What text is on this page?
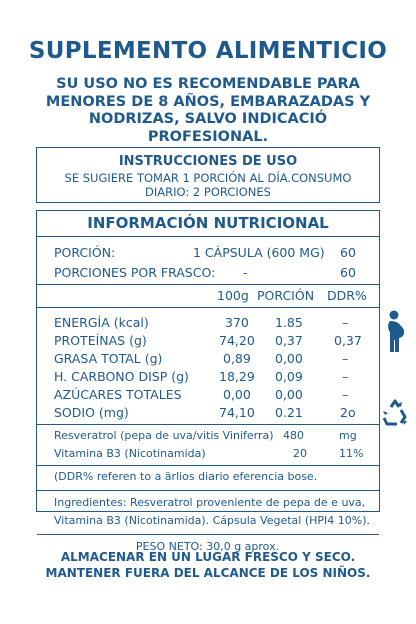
SUPLEMENTO ALIMENTICIO
SU USO NO ES RECOMENDABLE PARA
MENORES DE 8 AÑOS, EMBARAZADAS Y
NODRIZAS, SALVO INDICACIÓ
PROFESIONAL.
INSTRUCCIONES DE USO
SE SUGIERE TOMAR 1 PORCIÓN AL DÍA.CONSUMO
DIARIO: 2 PORCIONES
INFORMACIÓN NUTRICIONAL
PORCIÓN:	1 CÁPSULA (600 MG) 60
PORCIONES POR FRASCO: -	60
100g PORCIÓN DDR%
ENERGÍA (kcal)	370 1.85	–
PROTEÍNAS (g)	74,20 0,37 0,37
GRASA TOTAL (g)	0,89 0,00	–
H. CARBONO DISP (g) 18,29 0,09	–
AZÚCARES TOTALES	0,00 0,00	–
SODIO (mg)	74,10 0.21	2o
Resveratrol (pepa de uva/vitis Viniferra) 480	mg
Vitamina B3 (Nicotinamida)	20	11%
(DDR% referen to a ärlios diario eferencia bose.
Ingredientes: Resveratrol proveniente de pepa de e uva,
Vitamina B3 (Nicotinamida). Cápsula Vegetal (HPI4 10%).
PESO NETO: 30,0 g aprox.
ALMACENAR EN UN LUGAR FRESCO Y SECO.
MANTENER FUERA DEL ALCANCE DE LOS NIÑOS.
